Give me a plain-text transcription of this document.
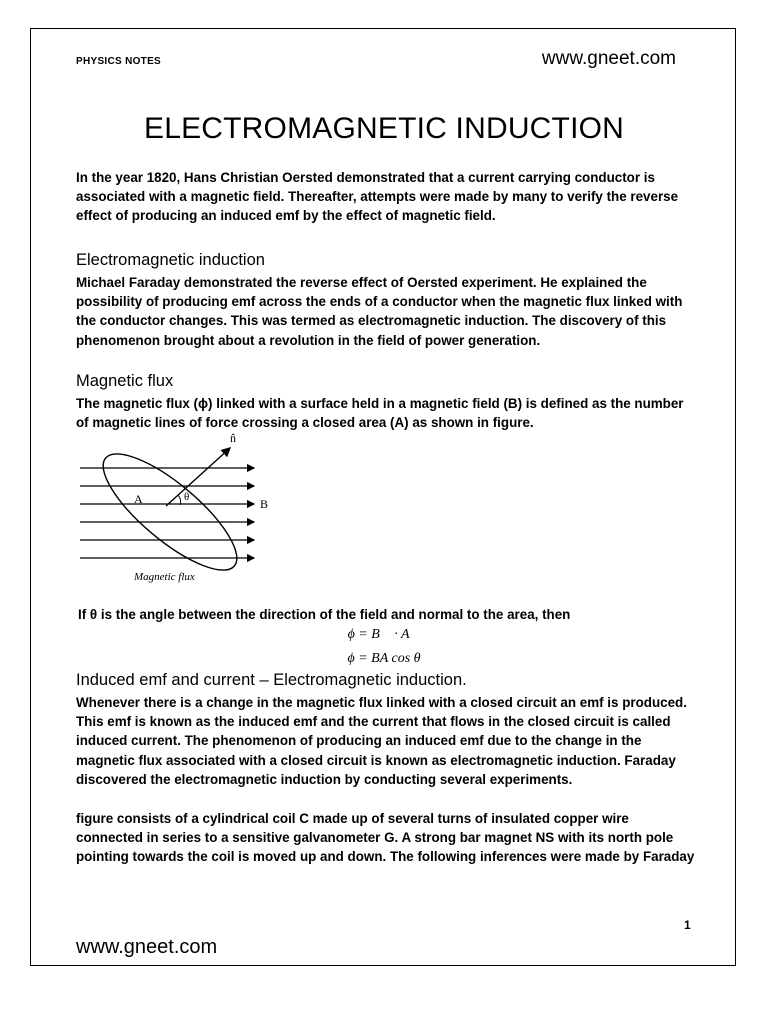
PHYSICS NOTES	www.gneet.com
ELECTROMAGNETIC INDUCTION
In the year 1820, Hans Christian Oersted demonstrated that a current carrying conductor is associated with a magnetic field. Thereafter, attempts were made by many to verify the reverse effect of producing an induced emf by the effect of magnetic field.
Electromagnetic induction
Michael Faraday demonstrated the reverse effect of Oersted experiment. He explained the possibility of producing emf across the ends of a conductor when the magnetic flux linked with the conductor changes. This was termed as electromagnetic induction. The discovery of this phenomenon brought about a revolution in the field of power generation.
Magnetic flux
The magnetic flux (ϕ) linked with a surface held in a magnetic field (B) is defined as the number of magnetic lines of force crossing a closed area (A) as shown in figure.
n̂
A	θ	B
Magnetic flux
If θ is the angle between the direction of the field and normal to the area, then
ϕ = B⃗ · A⃗
ϕ = BA cos θ
Induced emf and current – Electromagnetic induction.
Whenever there is a change in the magnetic flux linked with a closed circuit an emf is produced. This emf is known as the induced emf and the current that flows in the closed circuit is called induced current. The phenomenon of producing an induced emf due to the change in the magnetic flux associated with a closed circuit is known as electromagnetic induction. Faraday discovered the electromagnetic induction by conducting several experiments.
figure consists of a cylindrical coil C made up of several turns of insulated copper wire connected in series to a sensitive galvanometer G. A strong bar magnet NS with its north pole pointing towards the coil is moved up and down. The following inferences were made by Faraday
1
www.gneet.com
